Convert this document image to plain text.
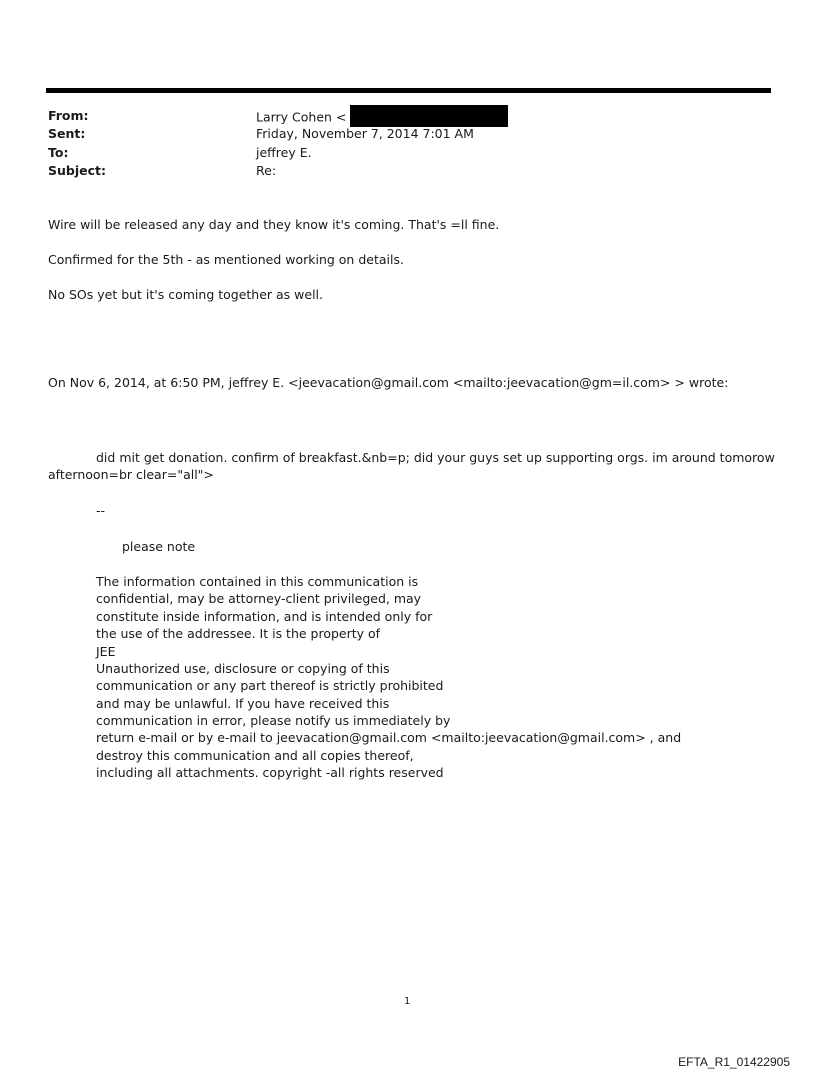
From:	Larry Cohen <
Sent:	Friday, November 7, 2014 7:01 AM
To:	jeffrey E.
Subject:	Re:
Wire will be released any day and they know it's coming. That's =ll fine.
Confirmed for the 5th - as mentioned working on details.
No SOs yet but it's coming together as well.
On Nov 6, 2014, at 6:50 PM, jeffrey E. <jeevacation@gmail.com <mailto:jeevacation@gm=il.com> > wrote:
did mit get donation. confirm of breakfast.&nb=p; did your guys set up supporting orgs. im around tomorow
afternoon=br clear="all">
--
please note
The information contained in this communication is
confidential, may be attorney-client privileged, may
constitute inside information, and is intended only for
the use of the addressee. It is the property of
JEE
Unauthorized use, disclosure or copying of this
communication or any part thereof is strictly prohibited
and may be unlawful. If you have received this
communication in error, please notify us immediately by
return e-mail or by e-mail to jeevacation@gmail.com <mailto:jeevacation@gmail.com> , and
destroy this communication and all copies thereof,
including all attachments. copyright -all rights reserved
1
EFTA_R1_01422905
